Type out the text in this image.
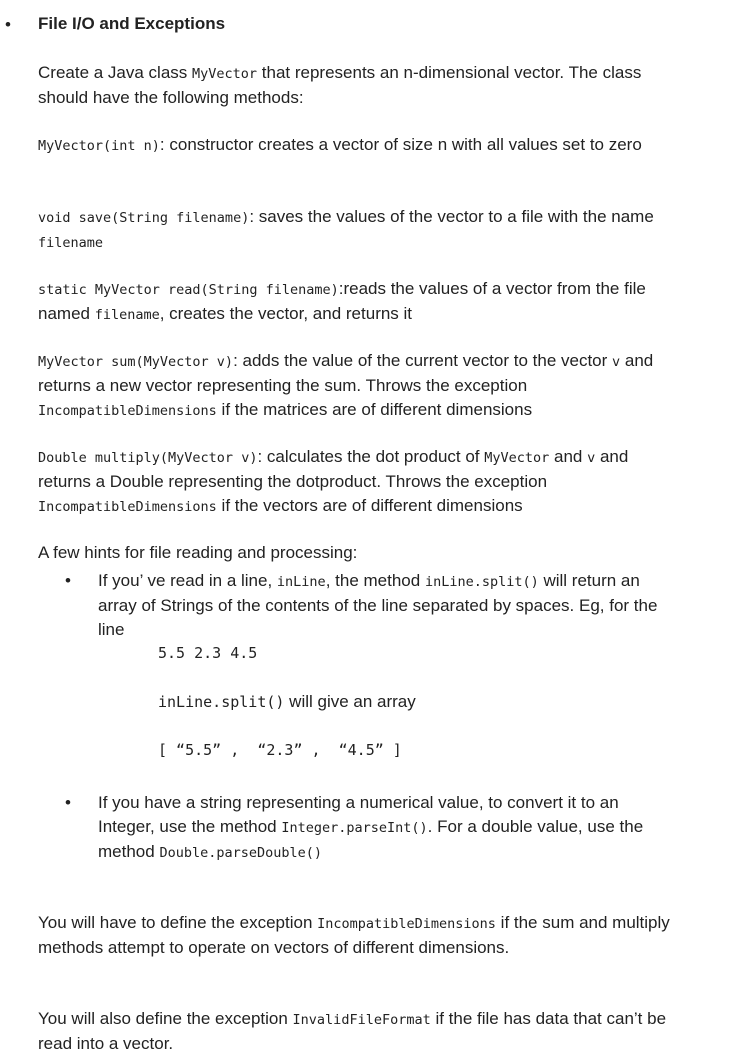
• File I/O and Exceptions

Create a Java class MyVector that represents an n-dimensional vector. The class should have the following methods:

MyVector(int n): constructor creates a vector of size n with all values set to zero

void save(String filename): saves the values of the vector to a file with the name filename

static MyVector read(String filename):reads the values of a vector from the file named filename, creates the vector, and returns it

MyVector sum(MyVector v): adds the value of the current vector to the vector v and returns a new vector representing the sum. Throws the exception IncompatibleDimensions if the matrices are of different dimensions

Double multiply(MyVector v): calculates the dot product of MyVector and v and returns a Double representing the dotproduct. Throws the exception IncompatibleDimensions if the vectors are of different dimensions

A few hints for file reading and processing:

• If you’ ve read in a line, inLine, the method inLine.split() will return an array of Strings of the contents of the line separated by spaces. Eg, for the line

5.5 2.3 4.5
inLine.split() will give an array
[ “5.5” ,  “2.3” ,  “4.5” ]
• If you have a string representing a numerical value, to convert it to an Integer, use the method Integer.parseInt(). For a double value, use the method Double.parseDouble()

You will have to define the exception IncompatibleDimensions if the sum and multiply methods attempt to operate on vectors of different dimensions.

You will also define the exception InvalidFileFormat if the file has data that can’t be read into a vector.
